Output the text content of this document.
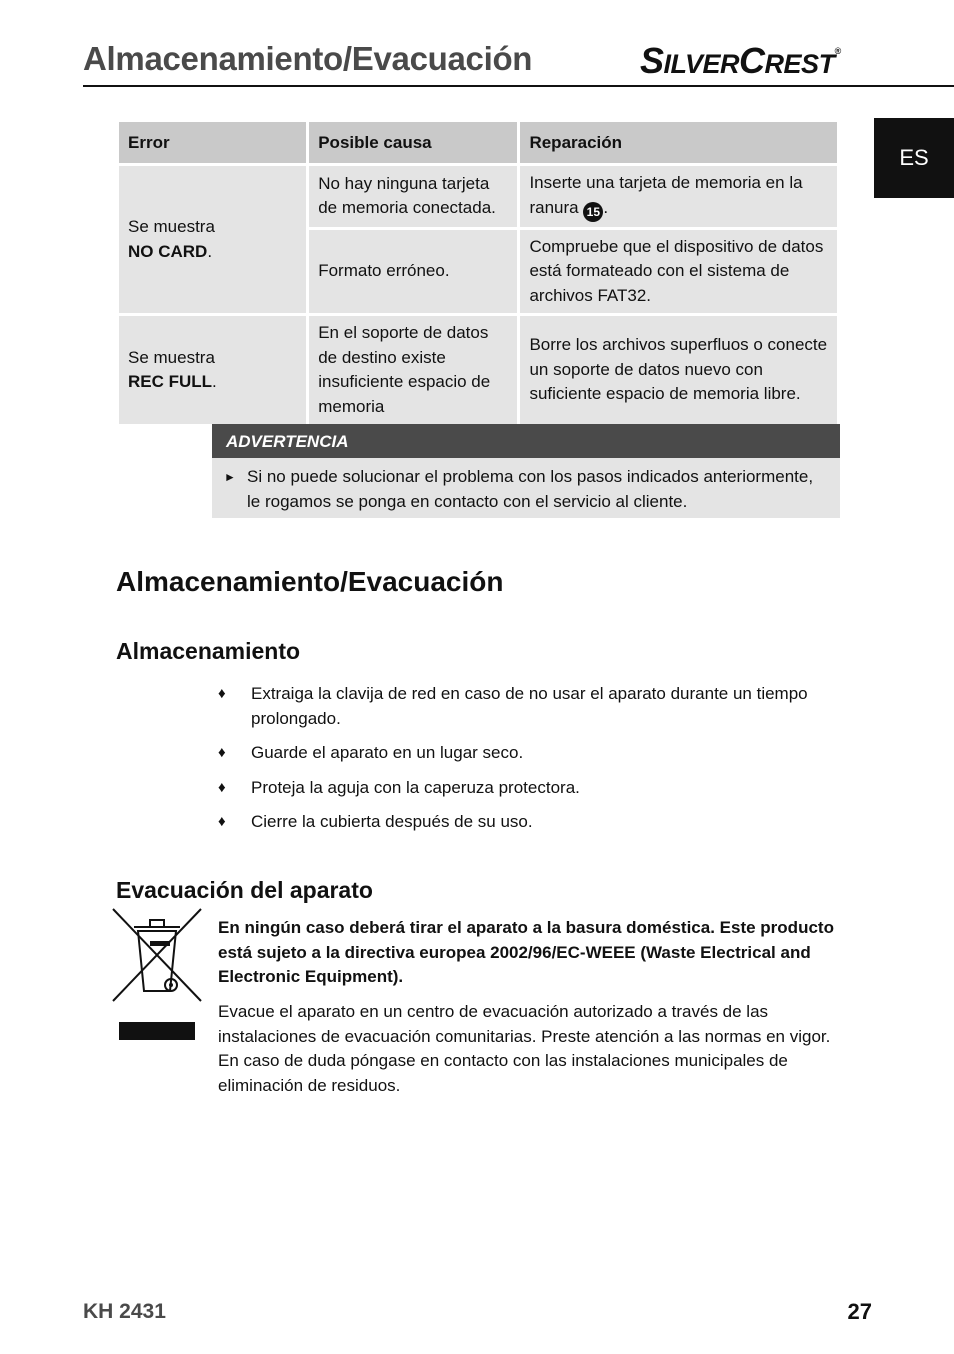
Almacenamiento/Evacuación	SILVERCREST®
ES
Error	Posible causa	Reparación
Se muestra
NO CARD.	No hay ninguna tarjeta de memoria conectada.	Inserte una tarjeta de memoria en la ranura 15 .
	Formato erróneo.	Compruebe que el dispositivo de datos está formateado con el sistema de archivos FAT32.
Se muestra
REC FULL.	En el soporte de datos de destino existe insuficiente espacio de memoria	Borre los archivos superfluos o conecte un soporte de datos nuevo con suficiente espacio de memoria libre.
ADVERTENCIA
► Si no puede solucionar el problema con los pasos indicados anteriormente, le rogamos se ponga en contacto con el servicio al cliente.
Almacenamiento/Evacuación
Almacenamiento
♦ Extraiga la clavija de red en caso de no usar el aparato durante un tiempo prolongado.
♦ Guarde el aparato en un lugar seco.
♦ Proteja la aguja con la caperuza protectora.
♦ Cierre la cubierta después de su uso.
Evacuación del aparato
En ningún caso deberá tirar el aparato a la basura doméstica. Este producto está sujeto a la directiva europea 2002/96/EC-WEEE (Waste Electrical and Electronic Equipment).
Evacue el aparato en un centro de evacuación autorizado a través de las instalaciones de evacuación comunitarias. Preste atención a las normas en vigor. En caso de duda póngase en contacto con las instalaciones municipales de eliminación de residuos.
KH 2431	27
